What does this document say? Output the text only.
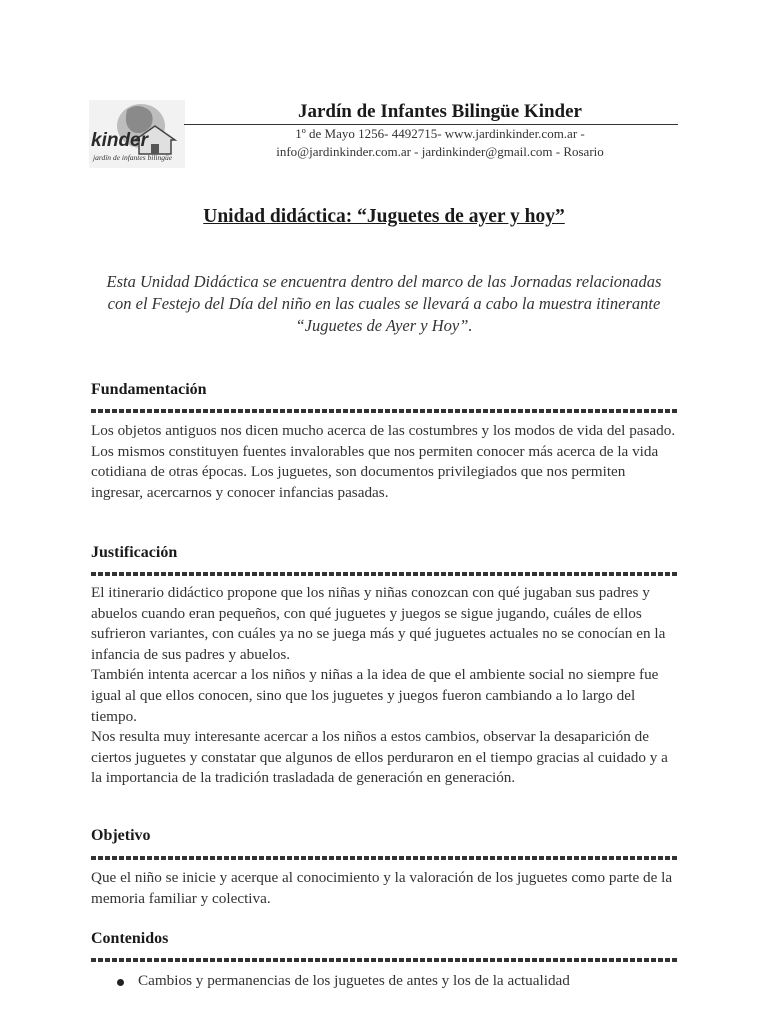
kinder
jardín de infantes bilingüe
Jardín de Infantes Bilingüe Kinder
1º de Mayo 1256- 4492715- www.jardinkinder.com.ar -
info@jardinkinder.com.ar - jardinkinder@gmail.com - Rosario
Unidad didáctica: “Juguetes de ayer y hoy”
Esta Unidad Didáctica se encuentra dentro del marco de las Jornadas relacionadas con el Festejo del Día del niño en las cuales se llevará a cabo la muestra itinerante “Juguetes de Ayer y Hoy”.
Fundamentación
Los objetos antiguos nos dicen mucho acerca de las costumbres y los modos de vida del pasado. Los mismos constituyen fuentes invalorables que nos permiten conocer más acerca de la vida cotidiana de otras épocas. Los juguetes, son documentos privilegiados que nos permiten ingresar, acercarnos y conocer infancias pasadas.
Justificación
El itinerario didáctico propone que los niñas y niñas conozcan con qué jugaban sus padres y abuelos cuando eran pequeños, con qué juguetes y juegos se sigue jugando, cuáles de ellos sufrieron variantes, con cuáles ya no se juega más y qué juguetes actuales no se conocían en la infancia de sus padres y abuelos.
También intenta acercar a los niños y niñas a la idea de que el ambiente social no siempre fue igual al que ellos conocen, sino que los juguetes y juegos fueron cambiando a lo largo del tiempo.
Nos resulta muy interesante acercar a los niños a estos cambios, observar la desaparición de ciertos juguetes y constatar que algunos de ellos perduraron en el tiempo gracias al cuidado y a la importancia de la tradición trasladada de generación en generación.
Objetivo
Que el niño se inicie y acerque al conocimiento y la valoración de los juguetes como parte de la memoria familiar y colectiva.
Contenidos
Cambios y permanencias de los juguetes de antes y los de la actualidad
